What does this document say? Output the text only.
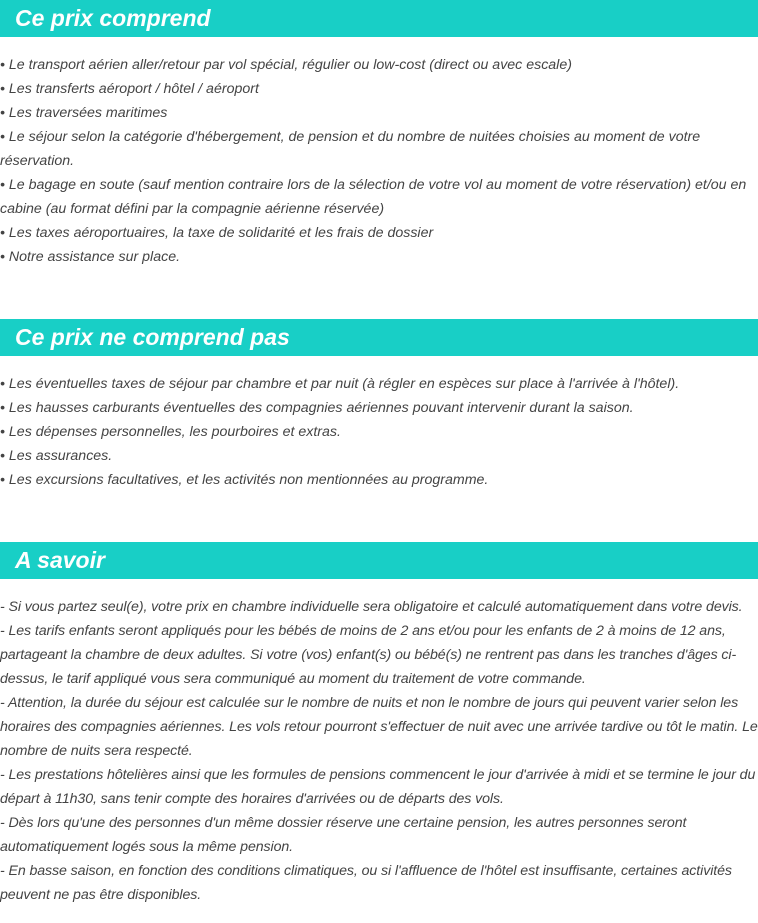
Ce prix comprend
• Le transport aérien aller/retour par vol spécial, régulier ou low-cost (direct ou avec escale)
• Les transferts aéroport / hôtel / aéroport
• Les traversées maritimes
• Le séjour selon la catégorie d'hébergement, de pension et du nombre de nuitées choisies au moment de votre réservation.
• Le bagage en soute (sauf mention contraire lors de la sélection de votre vol au moment de votre réservation) et/ou en cabine (au format défini par la compagnie aérienne réservée)
• Les taxes aéroportuaires, la taxe de solidarité et les frais de dossier
• Notre assistance sur place.
Ce prix ne comprend pas
• Les éventuelles taxes de séjour par chambre et par nuit (à régler en espèces sur place à l'arrivée à l'hôtel).
• Les hausses carburants éventuelles des compagnies aériennes pouvant intervenir durant la saison.
• Les dépenses personnelles, les pourboires et extras.
• Les assurances.
• Les excursions facultatives, et les activités non mentionnées au programme.
A savoir
- Si vous partez seul(e), votre prix en chambre individuelle sera obligatoire et calculé automatiquement dans votre devis.
- Les tarifs enfants seront appliqués pour les bébés de moins de 2 ans et/ou pour les enfants de 2 à moins de 12 ans, partageant la chambre de deux adultes. Si votre (vos) enfant(s) ou bébé(s) ne rentrent pas dans les tranches d'âges ci-dessus, le tarif appliqué vous sera communiqué au moment du traitement de votre commande.
- Attention, la durée du séjour est calculée sur le nombre de nuits et non le nombre de jours qui peuvent varier selon les horaires des compagnies aériennes. Les vols retour pourront s'effectuer de nuit avec une arrivée tardive ou tôt le matin. Le nombre de nuits sera respecté.
- Les prestations hôtelières ainsi que les formules de pensions commencent le jour d'arrivée à midi et se termine le jour du départ à 11h30, sans tenir compte des horaires d'arrivées ou de départs des vols.
- Dès lors qu'une des personnes d'un même dossier réserve une certaine pension, les autres personnes seront automatiquement logés sous la même pension.
- En basse saison, en fonction des conditions climatiques, ou si l'affluence de l'hôtel est insuffisante, certaines activités peuvent ne pas être disponibles.
